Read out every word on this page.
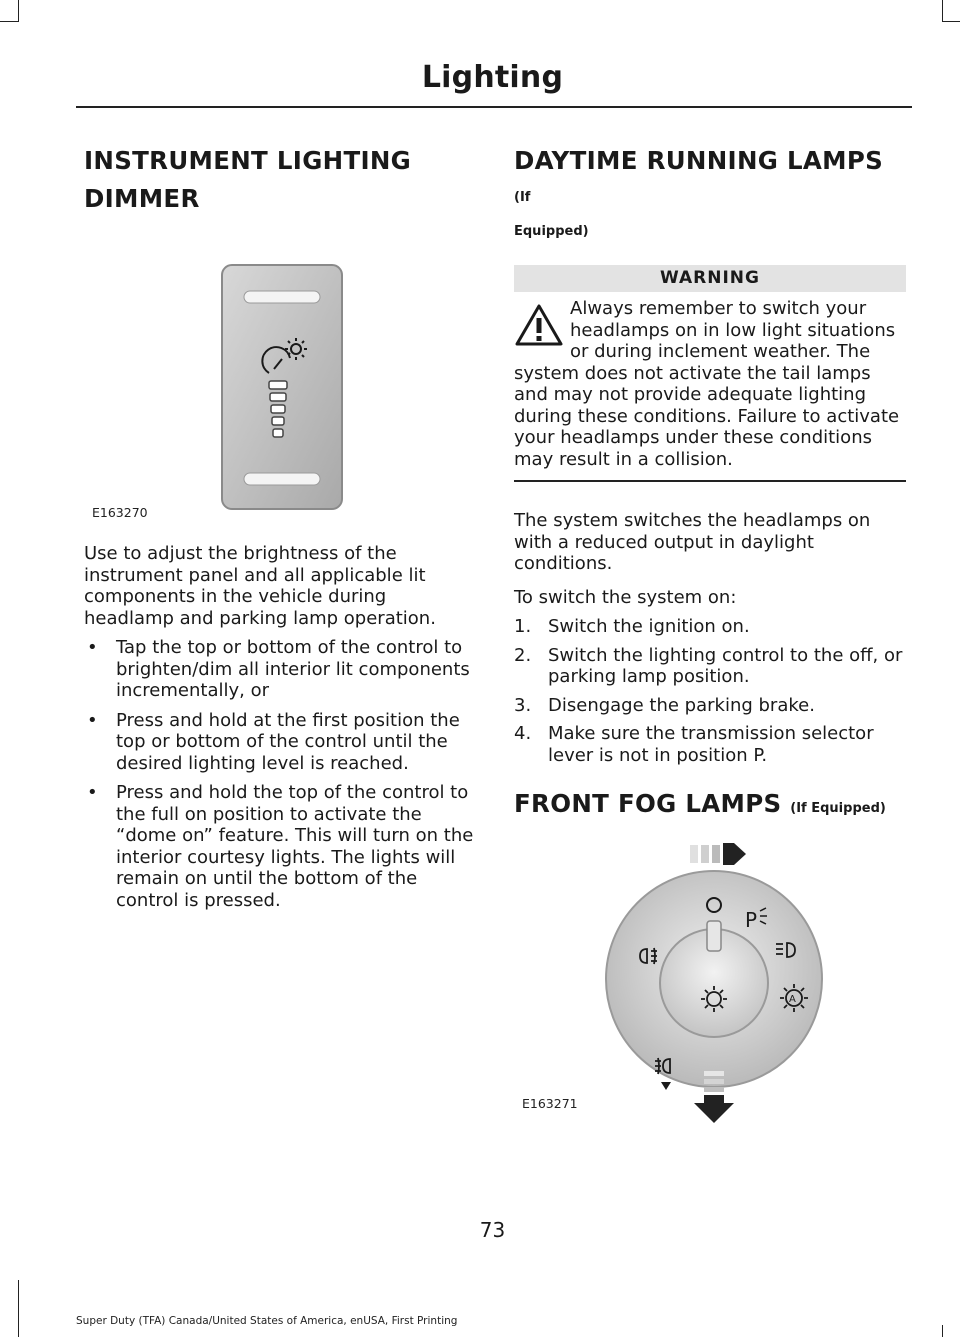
Lighting
INSTRUMENT LIGHTING
DIMMER
E163270

Use to adjust the brightness of the instrument panel and all applicable lit components in the vehicle during headlamp and parking lamp operation.

• Tap the top or bottom of the control to brighten/dim all interior lit components incrementally, or
• Press and hold at the first position the top or bottom of the control until the desired lighting level is reached.
• Press and hold the top of the control to the full on position to activate the “dome on” feature. This will turn on the interior courtesy lights. The lights will remain on until the bottom of the control is pressed.
DAYTIME RUNNING LAMPS (If
Equipped)
WARNING

Always remember to switch your headlamps on in low light situations or during inclement weather. The system does not activate the tail lamps and may not provide adequate lighting during these conditions. Failure to activate your headlamps under these conditions may result in a collision.

The system switches the headlamps on with a reduced output in daylight conditions.

To switch the system on:

1. Switch the ignition on.
2. Switch the lighting control to the off, or parking lamp position.
3. Disengage the parking brake.
4. Make sure the transmission selector lever is not in position P.
FRONT FOG LAMPS (If Equipped)
P
A
E163271
73
Super Duty (TFA) Canada/United States of America, enUSA, First Printing
